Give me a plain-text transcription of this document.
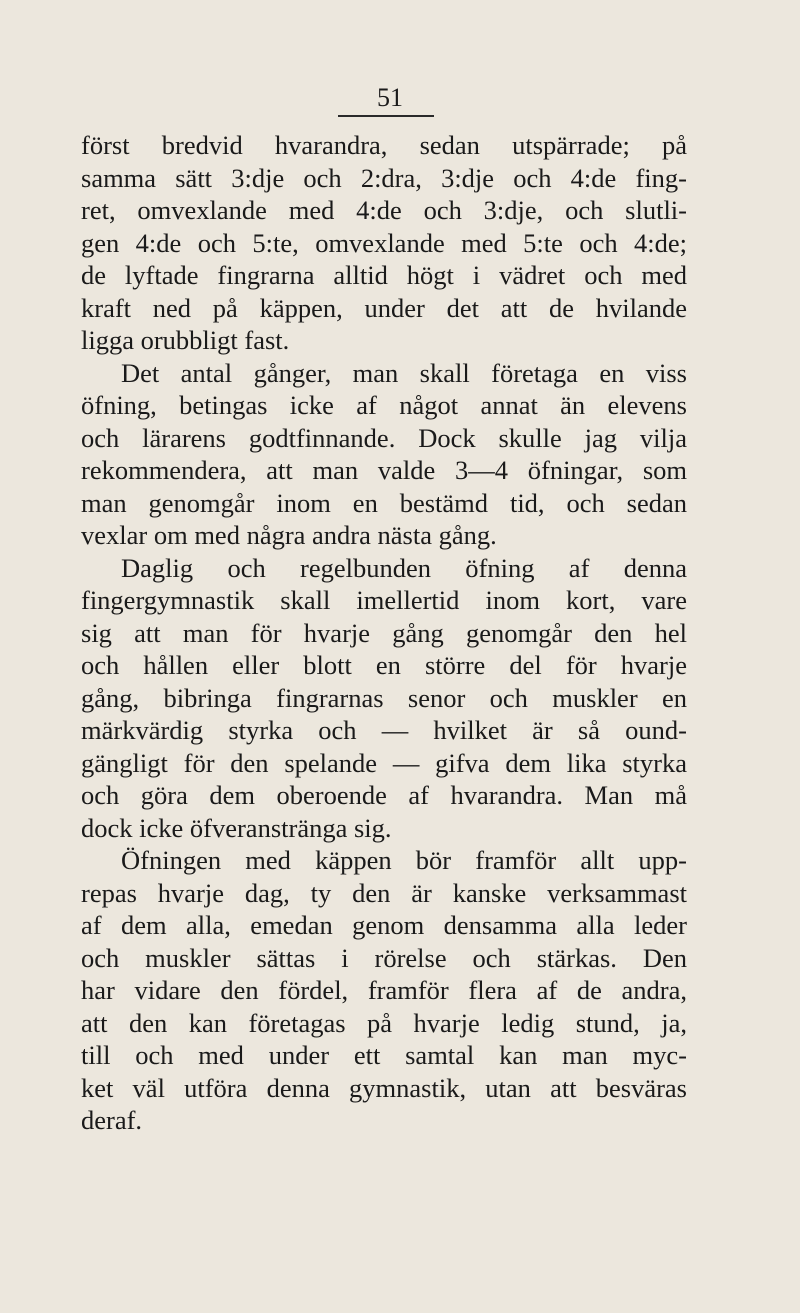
51
först bredvid hvarandra, sedan utspärrade; på
samma sätt 3:dje och 2:dra, 3:dje och 4:de fing-
ret, omvexlande med 4:de och 3:dje, och slutli-
gen 4:de och 5:te, omvexlande med 5:te och 4:de;
de lyftade fingrarna alltid högt i vädret och med
kraft ned på käppen, under det att de hvilande
ligga orubbligt fast.
Det antal gånger, man skall företaga en viss
öfning, betingas icke af något annat än elevens
och lärarens godtfinnande. Dock skulle jag vilja
rekommendera, att man valde 3—4 öfningar, som
man genomgår inom en bestämd tid, och sedan
vexlar om med några andra nästa gång.
Daglig och regelbunden öfning af denna
fingergymnastik skall imellertid inom kort, vare
sig att man för hvarje gång genomgår den hel
och hållen eller blott en större del för hvarje
gång, bibringa fingrarnas senor och muskler en
märkvärdig styrka och — hvilket är så ound-
gängligt för den spelande — gifva dem lika styrka
och göra dem oberoende af hvarandra. Man må
dock icke öfveranstränga sig.
Öfningen med käppen bör framför allt upp-
repas hvarje dag, ty den är kanske verksammast
af dem alla, emedan genom densamma alla leder
och muskler sättas i rörelse och stärkas. Den
har vidare den fördel, framför flera af de andra,
att den kan företagas på hvarje ledig stund, ja,
till och med under ett samtal kan man myc-
ket väl utföra denna gymnastik, utan att besväras
deraf.
